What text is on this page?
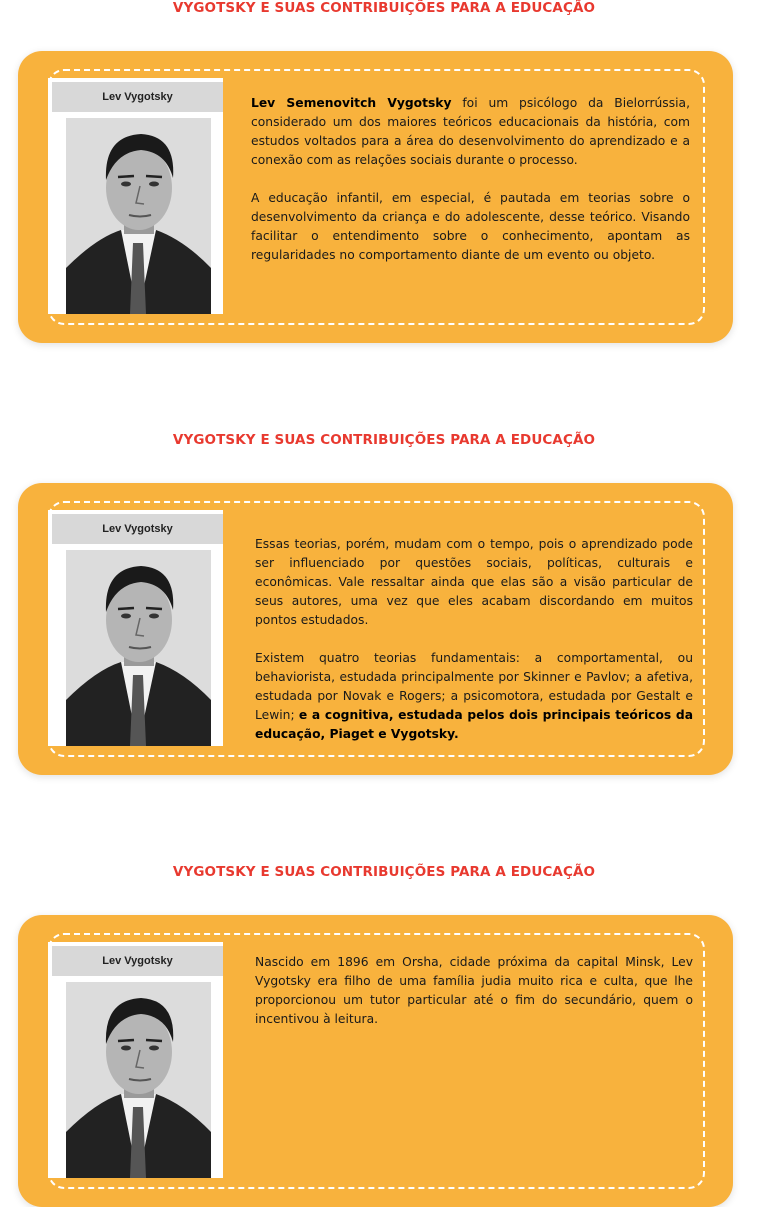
VYGOTSKY E SUAS CONTRIBUIÇÕES PARA A EDUCAÇÃO
Lev Vygotsky	Lev Semenovitch Vygotsky foi um psicólogo da Bielorrússia, considerado um dos maiores teóricos educacionais da história, com estudos voltados para a área do desenvolvimento do aprendizado e a conexão com as relações sociais durante o processo.

A educação infantil, em especial, é pautada em teorias sobre o desenvolvimento da criança e do adolescente, desse teórico. Visando facilitar o entendimento sobre o conhecimento, apontam as regularidades no comportamento diante de um evento ou objeto.

VYGOTSKY E SUAS CONTRIBUIÇÕES PARA A EDUCAÇÃO
Lev Vygotsky

Essas teorias, porém, mudam com o tempo, pois o aprendizado pode ser influenciado por questões sociais, políticas, culturais e econômicas. Vale ressaltar ainda que elas são a visão particular de seus autores, uma vez que eles acabam discordando em muitos pontos estudados.

Existem quatro teorias fundamentais: a comportamental, ou behaviorista, estudada principalmente por Skinner e Pavlov; a afetiva, estudada por Novak e Rogers; a psicomotora, estudada por Gestalt e Lewin; e a cognitiva, estudada pelos dois principais teóricos da educação, Piaget e Vygotsky.

VYGOTSKY E SUAS CONTRIBUIÇÕES PARA A EDUCAÇÃO
Lev Vygotsky	Nascido em 1896 em Orsha, cidade próxima da capital Minsk, Lev Vygotsky era filho de uma família judia muito rica e culta, que lhe proporcionou um tutor particular até o fim do secundário, quem o incentivou à leitura.
